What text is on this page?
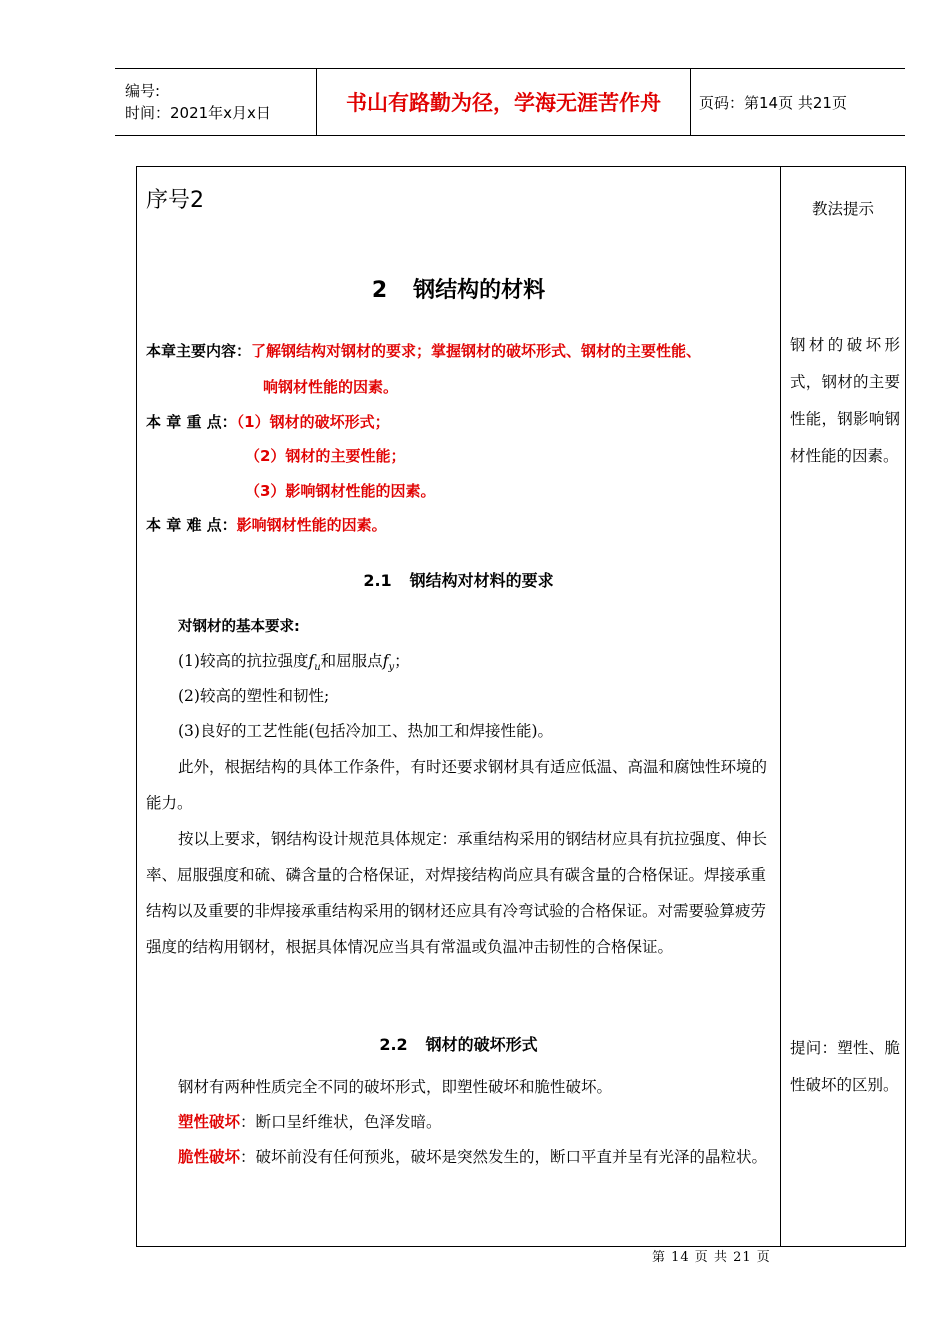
编号:
时间：2021年x月x日	书山有路勤为径，学海无涯苦作舟	页码：第14页 共21页
序号2
2 钢结构的材料
本章主要内容：了解钢结构对钢材的要求；掌握钢材的破坏形式、钢材的主要性能、
响钢材性能的因素。
本 章 重 点：（1）钢材的破坏形式；
（2）钢材的主要性能；
（3）影响钢材性能的因素。
本 章 难 点：影响钢材性能的因素。
2.1 钢结构对材料的要求
对钢材的基本要求:
(1)较高的抗拉强度$f_u$和屈服点$f_y$；
(2)较高的塑性和韧性;
(3)良好的工艺性能(包括冷加工、热加工和焊接性能)。
此外，根据结构的具体工作条件，有时还要求钢材具有适应低温、高温和腐蚀性环境的能力。
按以上要求，钢结构设计规范具体规定：承重结构采用的钢结材应具有抗拉强度、伸长率、屈服强度和硫、磷含量的合格保证，对焊接结构尚应具有碳含量的合格保证。焊接承重结构以及重要的非焊接承重结构采用的钢材还应具有冷弯试验的合格保证。对需要验算疲劳强度的结构用钢材，根据具体情况应当具有常温或负温冲击韧性的合格保证。
2.2 钢材的破坏形式
钢材有两种性质完全不同的破坏形式，即塑性破坏和脆性破坏。
塑性破坏：断口呈纤维状，色泽发暗。
脆性破坏：破坏前没有任何预兆，破坏是突然发生的，断口平直并呈有光泽的晶粒状。
教法提示
钢材的破坏形式，钢材的主要性能，钢影响钢材性能的因素。
提问：塑性、脆性破坏的区别。
第 14 页 共 21 页
